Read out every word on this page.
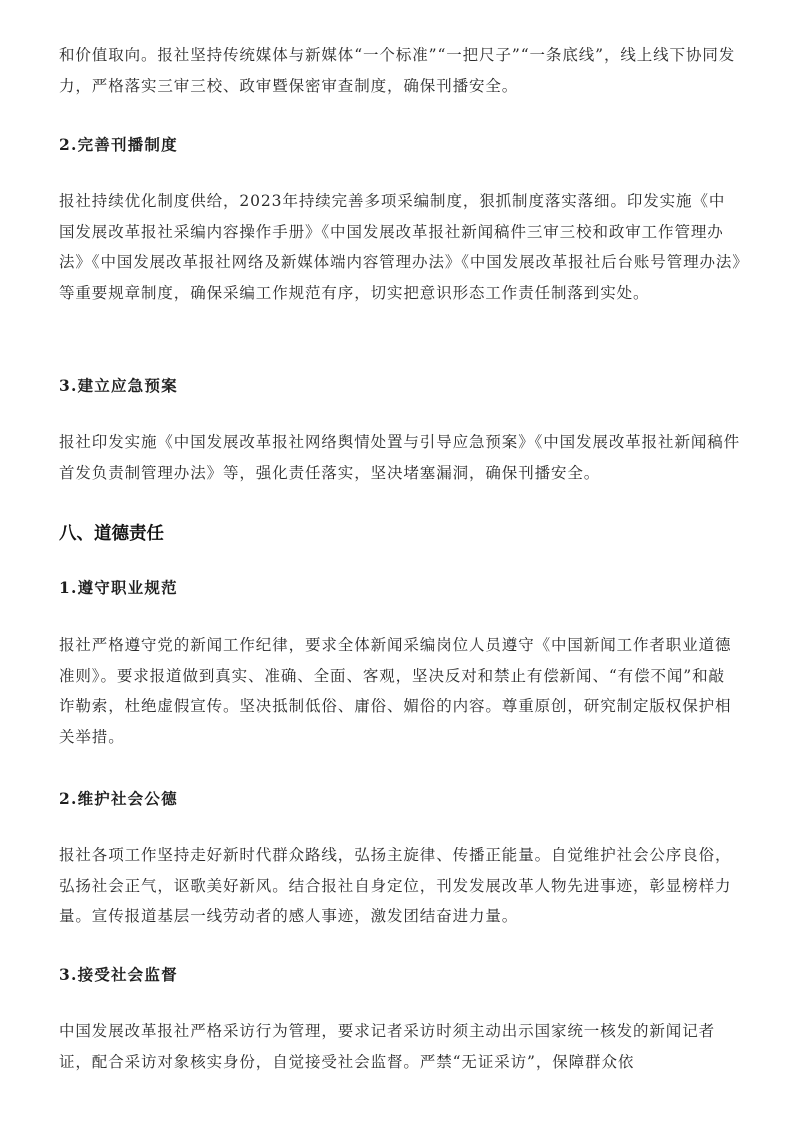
和价值取向。报社坚持传统媒体与新媒体“一个标准”“一把尺子”“一条底线”，线上线下协同发力，严格落实三审三校、政审暨保密审查制度，确保刊播安全。

2.完善刊播制度

报社持续优化制度供给，2023年持续完善多项采编制度，狠抓制度落实落细。印发实施《中国发展改革报社采编内容操作手册》《中国发展改革报社新闻稿件三审三校和政审工作管理办法》《中国发展改革报社网络及新媒体端内容管理办法》《中国发展改革报社后台账号管理办法》等重要规章制度，确保采编工作规范有序，切实把意识形态工作责任制落到实处。

3.建立应急预案

报社印发实施《中国发展改革报社网络舆情处置与引导应急预案》《中国发展改革报社新闻稿件首发负责制管理办法》等，强化责任落实，坚决堵塞漏洞，确保刊播安全。

八、道德责任
1.遵守职业规范

报社严格遵守党的新闻工作纪律，要求全体新闻采编岗位人员遵守《中国新闻工作者职业道德准则》。要求报道做到真实、准确、全面、客观，坚决反对和禁止有偿新闻、“有偿不闻”和敲诈勒索，杜绝虚假宣传。坚决抵制低俗、庸俗、媚俗的内容。尊重原创，研究制定版权保护相关举措。

2.维护社会公德

报社各项工作坚持走好新时代群众路线，弘扬主旋律、传播正能量。自觉维护社会公序良俗，弘扬社会正气，讴歌美好新风。结合报社自身定位，刊发发展改革人物先进事迹，彰显榜样力量。宣传报道基层一线劳动者的感人事迹，激发团结奋进力量。

3.接受社会监督

中国发展改革报社严格采访行为管理，要求记者采访时须主动出示国家统一核发的新闻记者证，配合采访对象核实身份，自觉接受社会监督。严禁“无证采访”，保障群众依
